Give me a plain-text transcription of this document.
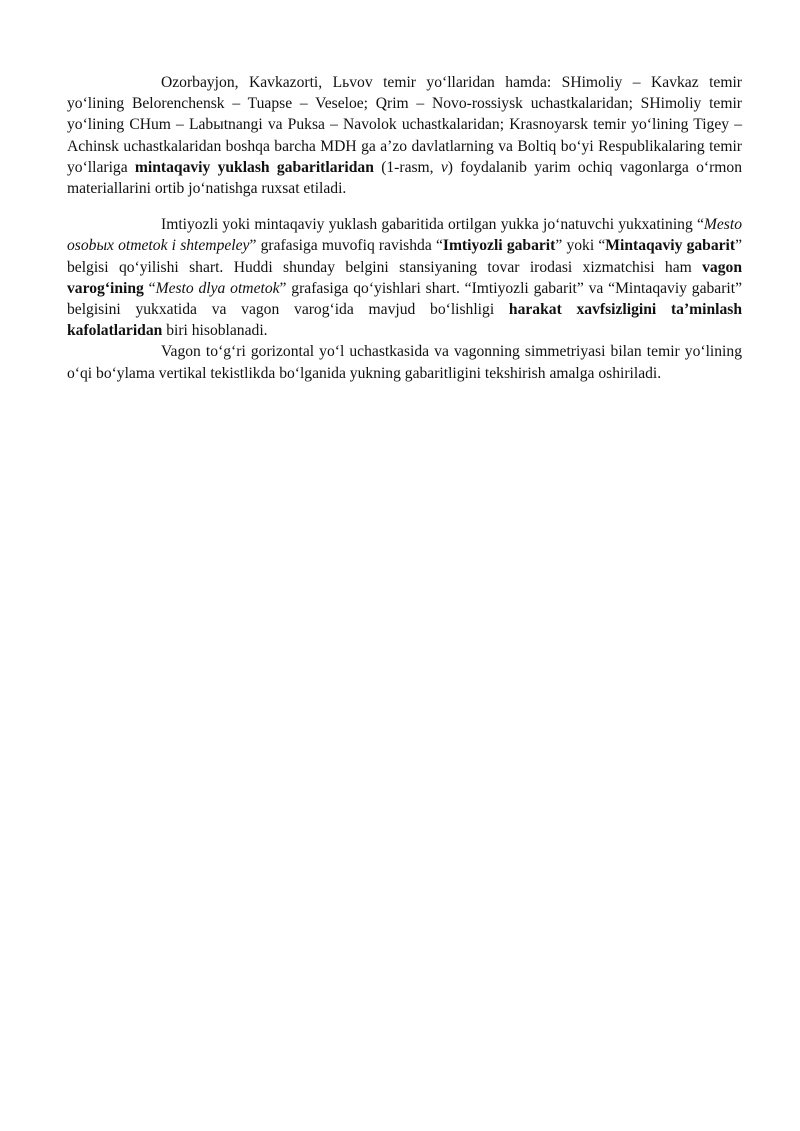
Ozorbayjon, Kavkazorti, Lьvov temir yo‘llaridan hamda: SHimoliy – Kavkaz temir yo‘lining Belorenchensk – Tuapse – Veseloe; Qrim – Novo-rossiysk uchastkalaridan; SHimoliy temir yo‘lining CHum – Labыtnangi va Puksa – Navolok uchastkalaridan; Krasnoyarsk temir yo‘lining Tigey – Achinsk uchastkalaridan boshqa barcha MDH ga a’zo davlatlarning va Boltiq bo‘yi Respublikalaring temir yo‘llariga mintaqaviy yuklash gabaritlaridan (1-rasm, v) foydalanib yarim ochiq vagonlarga o‘rmon materiallarini ortib jo‘natishga ruxsat etiladi.

Imtiyozli yoki mintaqaviy yuklash gabaritida ortilgan yukka jo‘natuvchi yukxatining “Mesto osobыx otmetok i shtempeley” grafasiga muvofiq ravishda “Imtiyozli gabarit” yoki “Mintaqaviy gabarit” belgisi qo‘yilishi shart. Huddi shunday belgini stansiyaning tovar irodasi xizmatchisi ham vagon varog‘ining “Mesto dlya otmetok” grafasiga qo‘yishlari shart. “Imtiyozli gabarit” va “Mintaqaviy gabarit” belgisini yukxatida va vagon varog‘ida mavjud bo‘lishligi harakat xavfsizligini ta’minlash kafolatlaridan biri hisoblanadi.

Vagon to‘g‘ri gorizontal yo‘l uchastkasida va vagonning simmetriyasi bilan temir yo‘lining o‘qi bo‘ylama vertikal tekistlikda bo‘lganida yukning gabaritligini tekshirish amalga oshiriladi.
